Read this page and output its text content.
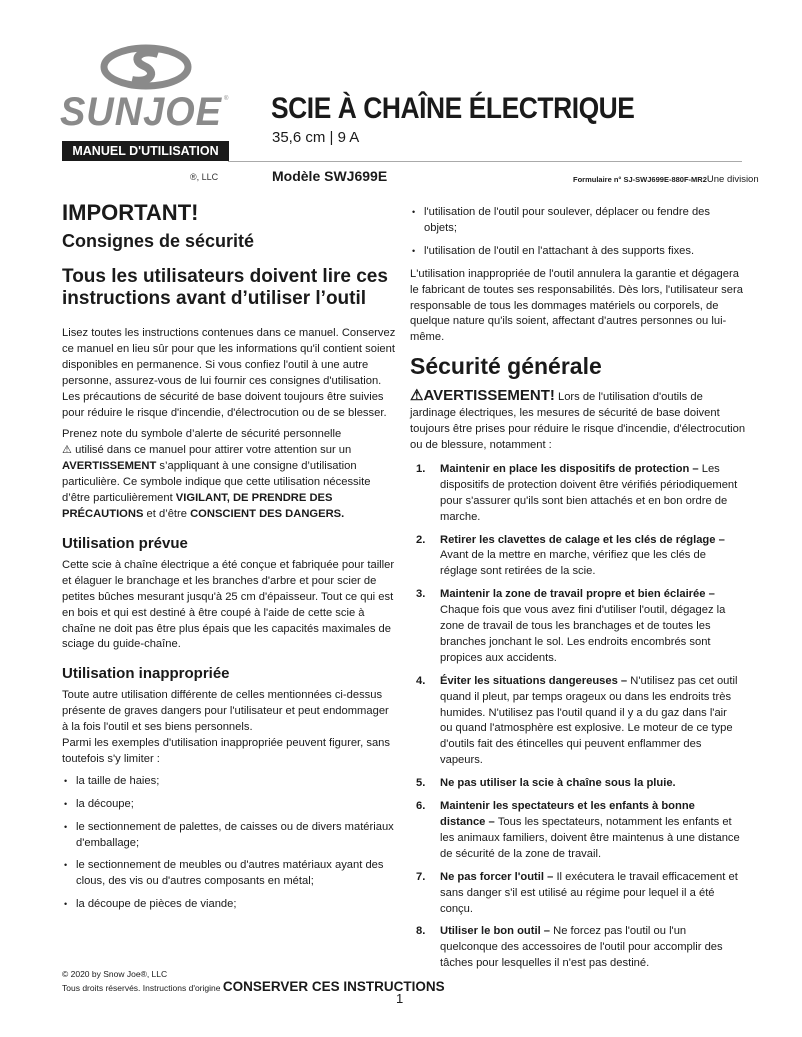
SUNJOE ®
MANUEL D'UTILISATION
SCIE À CHAÎNE ÉLECTRIQUE
35,6 cm | 9 A
®, LLC	Modèle SWJ699E	Formulaire n° SJ-SWJ699E-880F-MR2Une division
IMPORTANT!
Consignes de sécurité
Tous les utilisateurs doivent lire ces instructions avant d’utiliser l’outil

Lisez toutes les instructions contenues dans ce manuel. Conservez ce manuel en lieu sûr pour que les informations qu'il contient soient disponibles en permanence. Si vous confiez l'outil à une autre personne, assurez-vous de lui fournir ces consignes d'utilisation. Les précautions de sécurité de base doivent toujours être suivies pour réduire le risque d'incendie, d'électrocution ou de se blesser.

Prenez note du symbole d’alerte de sécurité personnelle
⚠ utilisé dans ce manuel pour attirer votre attention sur un AVERTISSEMENT s’appliquant à une consigne d’utilisation particulière. Ce symbole indique que cette utilisation nécessite d’être particulièrement VIGILANT, DE PRENDRE DES PRÉCAUTIONS et d’être CONSCIENT DES DANGERS.

Utilisation prévue

Cette scie à chaîne électrique a été conçue et fabriquée pour tailler et élaguer le branchage et les branches d'arbre et pour scier de petites bûches mesurant jusqu'à 25 cm d'épaisseur. Tout ce qui est en bois et qui est destiné à être coupé à l'aide de cette scie à chaîne ne doit pas être plus épais que les capacités maximales de sciage du guide-chaîne.

Utilisation inappropriée

Toute autre utilisation différente de celles mentionnées ci-dessus présente de graves dangers pour l'utilisateur et peut endommager à la fois l'outil et ses biens personnels.

Parmi les exemples d'utilisation inappropriée peuvent figurer, sans toutefois s'y limiter :

• la taille de haies;
• la découpe;
• le sectionnement de palettes, de caisses ou de divers matériaux d'emballage;
• le sectionnement de meubles ou d'autres matériaux ayant des clous, des vis ou d'autres composants en métal;
• la découpe de pièces de viande;
• l'utilisation de l'outil pour soulever, déplacer ou fendre des objets;
• l'utilisation de l'outil en l'attachant à des supports fixes.

L'utilisation inappropriée de l'outil annulera la garantie et dégagera le fabricant de toutes ses responsabilités. Dès lors, l'utilisateur sera responsable de tous les dommages matériels ou corporels, de quelque nature qu'ils soient, affectant d'autres personnes ou lui-même.

Sécurité générale

⚠AVERTISSEMENT! Lors de l'utilisation d'outils de jardinage électriques, les mesures de sécurité de base doivent toujours être prises pour réduire le risque d'incendie, d'électrocution ou de blessure, notamment :

1. Maintenir en place les dispositifs de protection – Les dispositifs de protection doivent être vérifiés périodiquement pour s'assurer qu'ils sont bien attachés et en bon ordre de marche.
2. Retirer les clavettes de calage et les clés de réglage – Avant de la mettre en marche, vérifiez que les clés de réglage sont retirées de la scie.
3. Maintenir la zone de travail propre et bien éclairée – Chaque fois que vous avez fini d'utiliser l'outil, dégagez la zone de travail de tous les branchages et de toutes les branches jonchant le sol. Les endroits encombrés sont propices aux accidents.
4. Éviter les situations dangereuses – N'utilisez pas cet outil quand il pleut, par temps orageux ou dans les endroits très humides. N'utilisez pas l'outil quand il y a du gaz dans l'air ou quand l'atmosphère est explosive. Le moteur de ce type d'outils fait des étincelles qui peuvent enflammer des vapeurs.
5. Ne pas utiliser la scie à chaîne sous la pluie.
6. Maintenir les spectateurs et les enfants à bonne distance – Tous les spectateurs, notamment les enfants et les animaux familiers, doivent être maintenus à une distance de sécurité de la zone de travail.
7. Ne pas forcer l'outil – Il exécutera le travail efficacement et sans danger s'il est utilisé au régime pour lequel il a été conçu.
8. Utiliser le bon outil – Ne forcez pas l'outil ou l'un quelconque des accessoires de l'outil pour accomplir des tâches pour lesquelles il n'est pas destiné.
© 2020 by Snow Joe®, LLC
Tous droits réservés. Instructions d'origine CONSERVER CES INSTRUCTIONS
1
